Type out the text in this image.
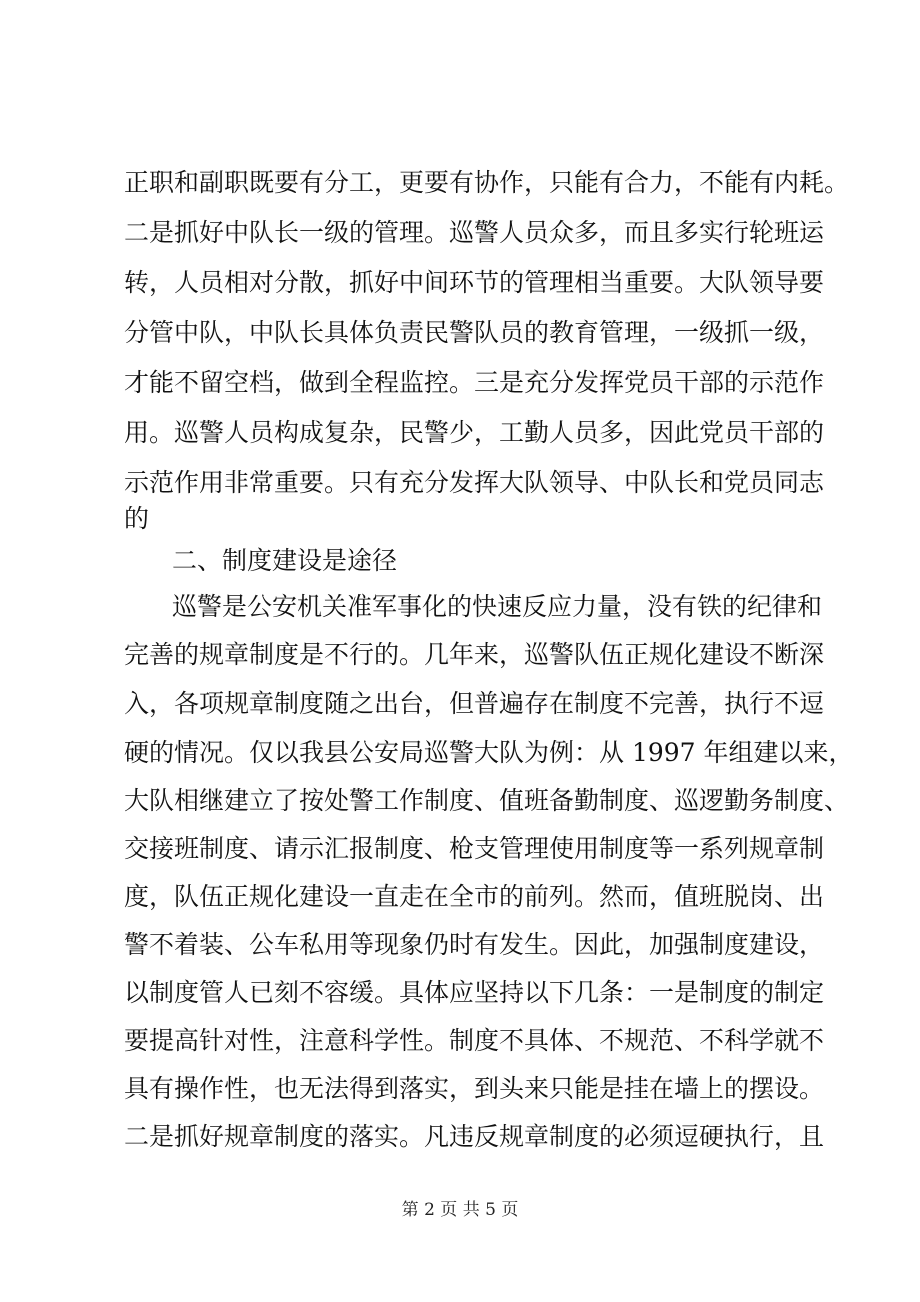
正职和副职既要有分工，更要有协作，只能有合力，不能有内耗。
二是抓好中队长一级的管理。巡警人员众多，而且多实行轮班运
转，人员相对分散，抓好中间环节的管理相当重要。大队领导要
分管中队，中队长具体负责民警队员的教育管理，一级抓一级，
才能不留空档，做到全程监控。三是充分发挥党员干部的示范作
用。巡警人员构成复杂，民警少，工勤人员多，因此党员干部的
示范作用非常重要。只有充分发挥大队领导、中队长和党员同志
的
二、制度建设是途径
巡警是公安机关准军事化的快速反应力量，没有铁的纪律和
完善的规章制度是不行的。几年来，巡警队伍正规化建设不断深
入，各项规章制度随之出台，但普遍存在制度不完善，执行不逗
硬的情况。仅以我县公安局巡警大队为例：从 1997 年组建以来，
大队相继建立了按处警工作制度、值班备勤制度、巡逻勤务制度、
交接班制度、请示汇报制度、枪支管理使用制度等一系列规章制
度，队伍正规化建设一直走在全市的前列。然而，值班脱岗、出
警不着装、公车私用等现象仍时有发生。因此，加强制度建设，
以制度管人已刻不容缓。具体应坚持以下几条：一是制度的制定
要提高针对性，注意科学性。制度不具体、不规范、不科学就不
具有操作性，也无法得到落实，到头来只能是挂在墙上的摆设。
二是抓好规章制度的落实。凡违反规章制度的必须逗硬执行，且
第 2 页 共 5 页
